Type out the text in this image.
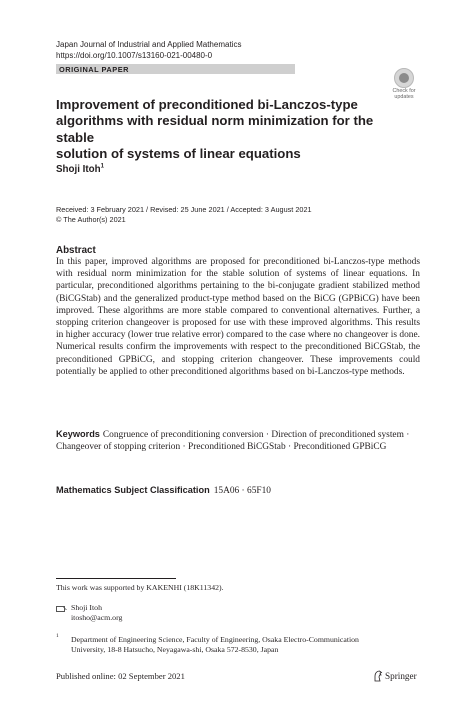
Japan Journal of Industrial and Applied Mathematics
https://doi.org/10.1007/s13160-021-00480-0
ORIGINAL PAPER
Check for
updates
Improvement of preconditioned bi-Lanczos-type
algorithms with residual norm minimization for the stable
solution of systems of linear equations
Shoji Itoh$^1$
Received: 3 February 2021 / Revised: 25 June 2021 / Accepted: 3 August 2021
© The Author(s) 2021
Abstract
In this paper, improved algorithms are proposed for preconditioned bi-Lanczos-type methods with residual norm minimization for the stable solution of systems of linear equations. In particular, preconditioned algorithms pertaining to the bi-conjugate gradient stabilized method (BiCGStab) and the generalized product-type method based on the BiCG (GPBiCG) have been improved. These algorithms are more stable compared to conventional alternatives. Further, a stopping criterion changeover is proposed for use with these improved algorithms. This results in higher accuracy (lower true relative error) compared to the case where no changeover is done. Numerical results confirm the improvements with respect to the preconditioned BiCGStab, the preconditioned GPBiCG, and stopping criterion changeover. These improvements could potentially be applied to other preconditioned algorithms based on bi-Lanczos-type methods.
Keywords Congruence of preconditioning conversion · Direction of preconditioned system · Changeover of stopping criterion · Preconditioned BiCGStab · Preconditioned GPBiCG
Mathematics Subject Classification 15A06 · 65F10
This work was supported by KAKENHI (18K11342).
Shoji Itoh
itosho@acm.org
1 Department of Engineering Science, Faculty of Engineering, Osaka Electro-Communication
University, 18-8 Hatsucho, Neyagawa-shi, Osaka 572-8530, Japan
Published online: 02 September 2021	Springer
